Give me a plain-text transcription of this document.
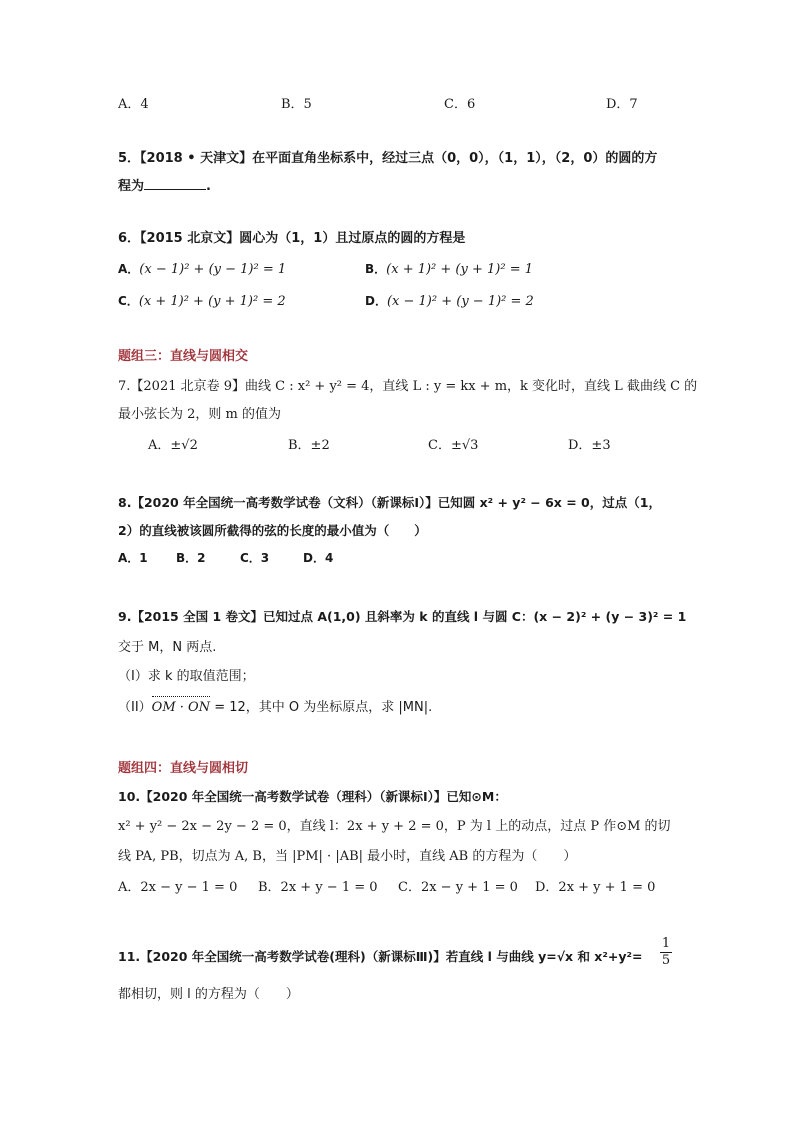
A．4	B．5	C．6	D．7
5．【2018 • 天津文】在平面直角坐标系中，经过三点（0，0），（1，1），（2，0）的圆的方
程为	.
6．【2015 北京文】圆心为（1，1）且过原点的圆的方程是
A．(x − 1)² + (y − 1)² = 1	B．(x + 1)² + (y + 1)² = 1
C．(x + 1)² + (y + 1)² = 2	D．(x − 1)² + (y − 1)² = 2
题组三：直线与圆相交
7.【2021 北京卷 9】曲线 C : x² + y² = 4，直线 L : y = kx + m，k 变化时，直线 L 截曲线 C 的
最小弦长为 2，则 m 的值为
A．±√2	B．±2	C．±√3	D．±3
8.【2020 年全国统一高考数学试卷（文科）（新课标Ⅰ）】已知圆 x² + y² − 6x = 0，过点（1，
2）的直线被该圆所截得的弦的长度的最小值为（　　）
A．1 B．2	C．3	D．4
9.【2015 全国 1 卷文】已知过点 A(1,0) 且斜率为 k 的直线 l 与圆 C：(x − 2)² + (y − 3)² = 1
交于 M，N 两点.
（I）求 k 的取值范围；
（II）OM · ON = 12，其中 O 为坐标原点，求 |MN|.
题组四：直线与圆相切
10.【2020 年全国统一高考数学试卷（理科）（新课标Ⅰ）】已知⊙M：
x² + y² − 2x − 2y − 2 = 0，直线 l：2x + y + 2 = 0，P 为 l 上的动点，过点 P 作⊙M 的切
线 PA, PB，切点为 A, B，当 |PM| · |AB| 最小时，直线 AB 的方程为（　　）
A．2x − y − 1 = 0 B．2x + y − 1 = 0 C．2x − y + 1 = 0 D．2x + y + 1 = 0
11.【2020 年全国统一高考数学试卷(理科)（新课标Ⅲ)】若直线 l 与曲线 y=√x 和 $x^2+y^2= \frac{1}{5}$
都相切，则 l 的方程为（　　）
